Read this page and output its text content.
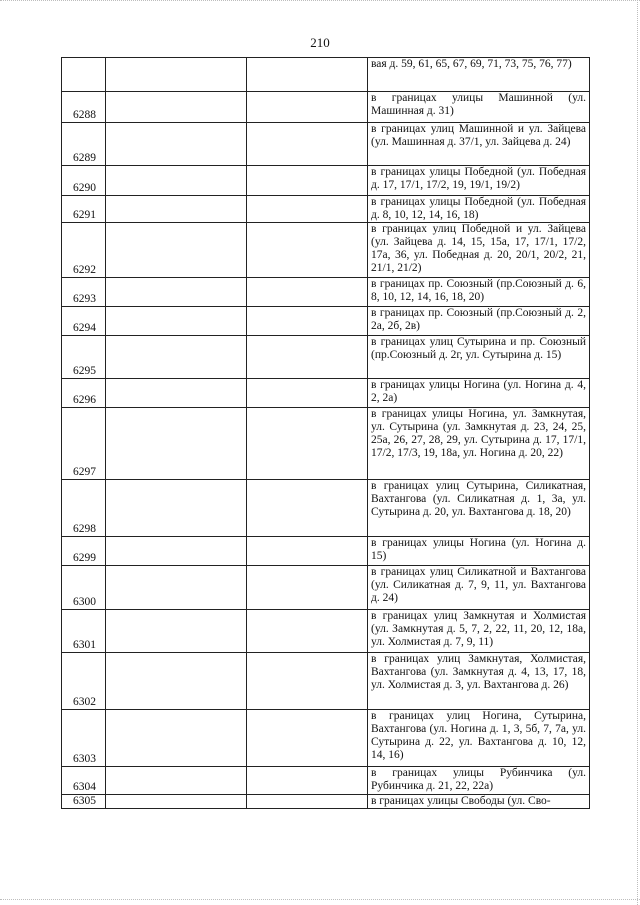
210
			вая д. 59, 61, 65, 67, 69, 71, 73, 75, 76, 77)
6288			в границах улицы Машинной (ул. Машинная д. 31)
6289			в границах улиц Машинной и ул. Зайцева (ул. Машинная д. 37/1, ул. Зайцева д. 24)
6290			в границах улицы Победной (ул. Победная д. 17, 17/1, 17/2, 19, 19/1, 19/2)
6291			в границах улицы Победной (ул. Победная д. 8, 10, 12, 14, 16, 18)
6292			в границах улиц Победной и ул. Зайцева (ул. Зайцева д. 14, 15, 15а, 17, 17/1, 17/2, 17а, 36, ул. Победная д. 20, 20/1, 20/2, 21, 21/1, 21/2)
6293			в границах пр. Союзный (пр.Союзный д. 6, 8, 10, 12, 14, 16, 18, 20)
6294			в границах пр. Союзный (пр.Союзный д. 2, 2а, 2б, 2в)
6295			в границах улиц Сутырина и пр. Союзный (пр.Союзный д. 2г, ул. Сутырина д. 15)
6296			в границах улицы Ногина (ул. Ногина д. 4, 2, 2а)
6297			в границах улицы Ногина, ул. Замкнутая, ул. Сутырина (ул. Замкнутая д. 23, 24, 25, 25а, 26, 27, 28, 29, ул. Сутырина д. 17, 17/1, 17/2, 17/3, 19, 18а, ул. Ногина д. 20, 22)
6298			в границах улиц Сутырина, Силикатная, Вахтангова (ул. Силикатная д. 1, 3а, ул. Сутырина д. 20, ул. Вахтангова д. 18, 20)
6299			в границах улицы Ногина (ул. Ногина д. 15)
6300			в границах улиц Силикатной и Вахтангова (ул. Силикатная д. 7, 9, 11, ул. Вахтангова д. 24)
6301			в границах улиц Замкнутая и Холмистая (ул. Замкнутая д. 5, 7, 2, 22, 11, 20, 12, 18а, ул. Холмистая д. 7, 9, 11)
6302			в границах улиц Замкнутая, Холмистая, Вахтангова (ул. Замкнутая д. 4, 13, 17, 18, ул. Холмистая д. 3, ул. Вахтангова д. 26)
6303			в границах улиц Ногина, Сутырина, Вахтангова (ул. Ногина д. 1, 3, 5б, 7, 7а, ул. Сутырина д. 22, ул. Вахтангова д. 10, 12, 14, 16)
6304			в границах улицы Рубинчика (ул. Рубинчика д. 21, 22, 22а)
6305			в границах улицы Свободы (ул. Сво-
